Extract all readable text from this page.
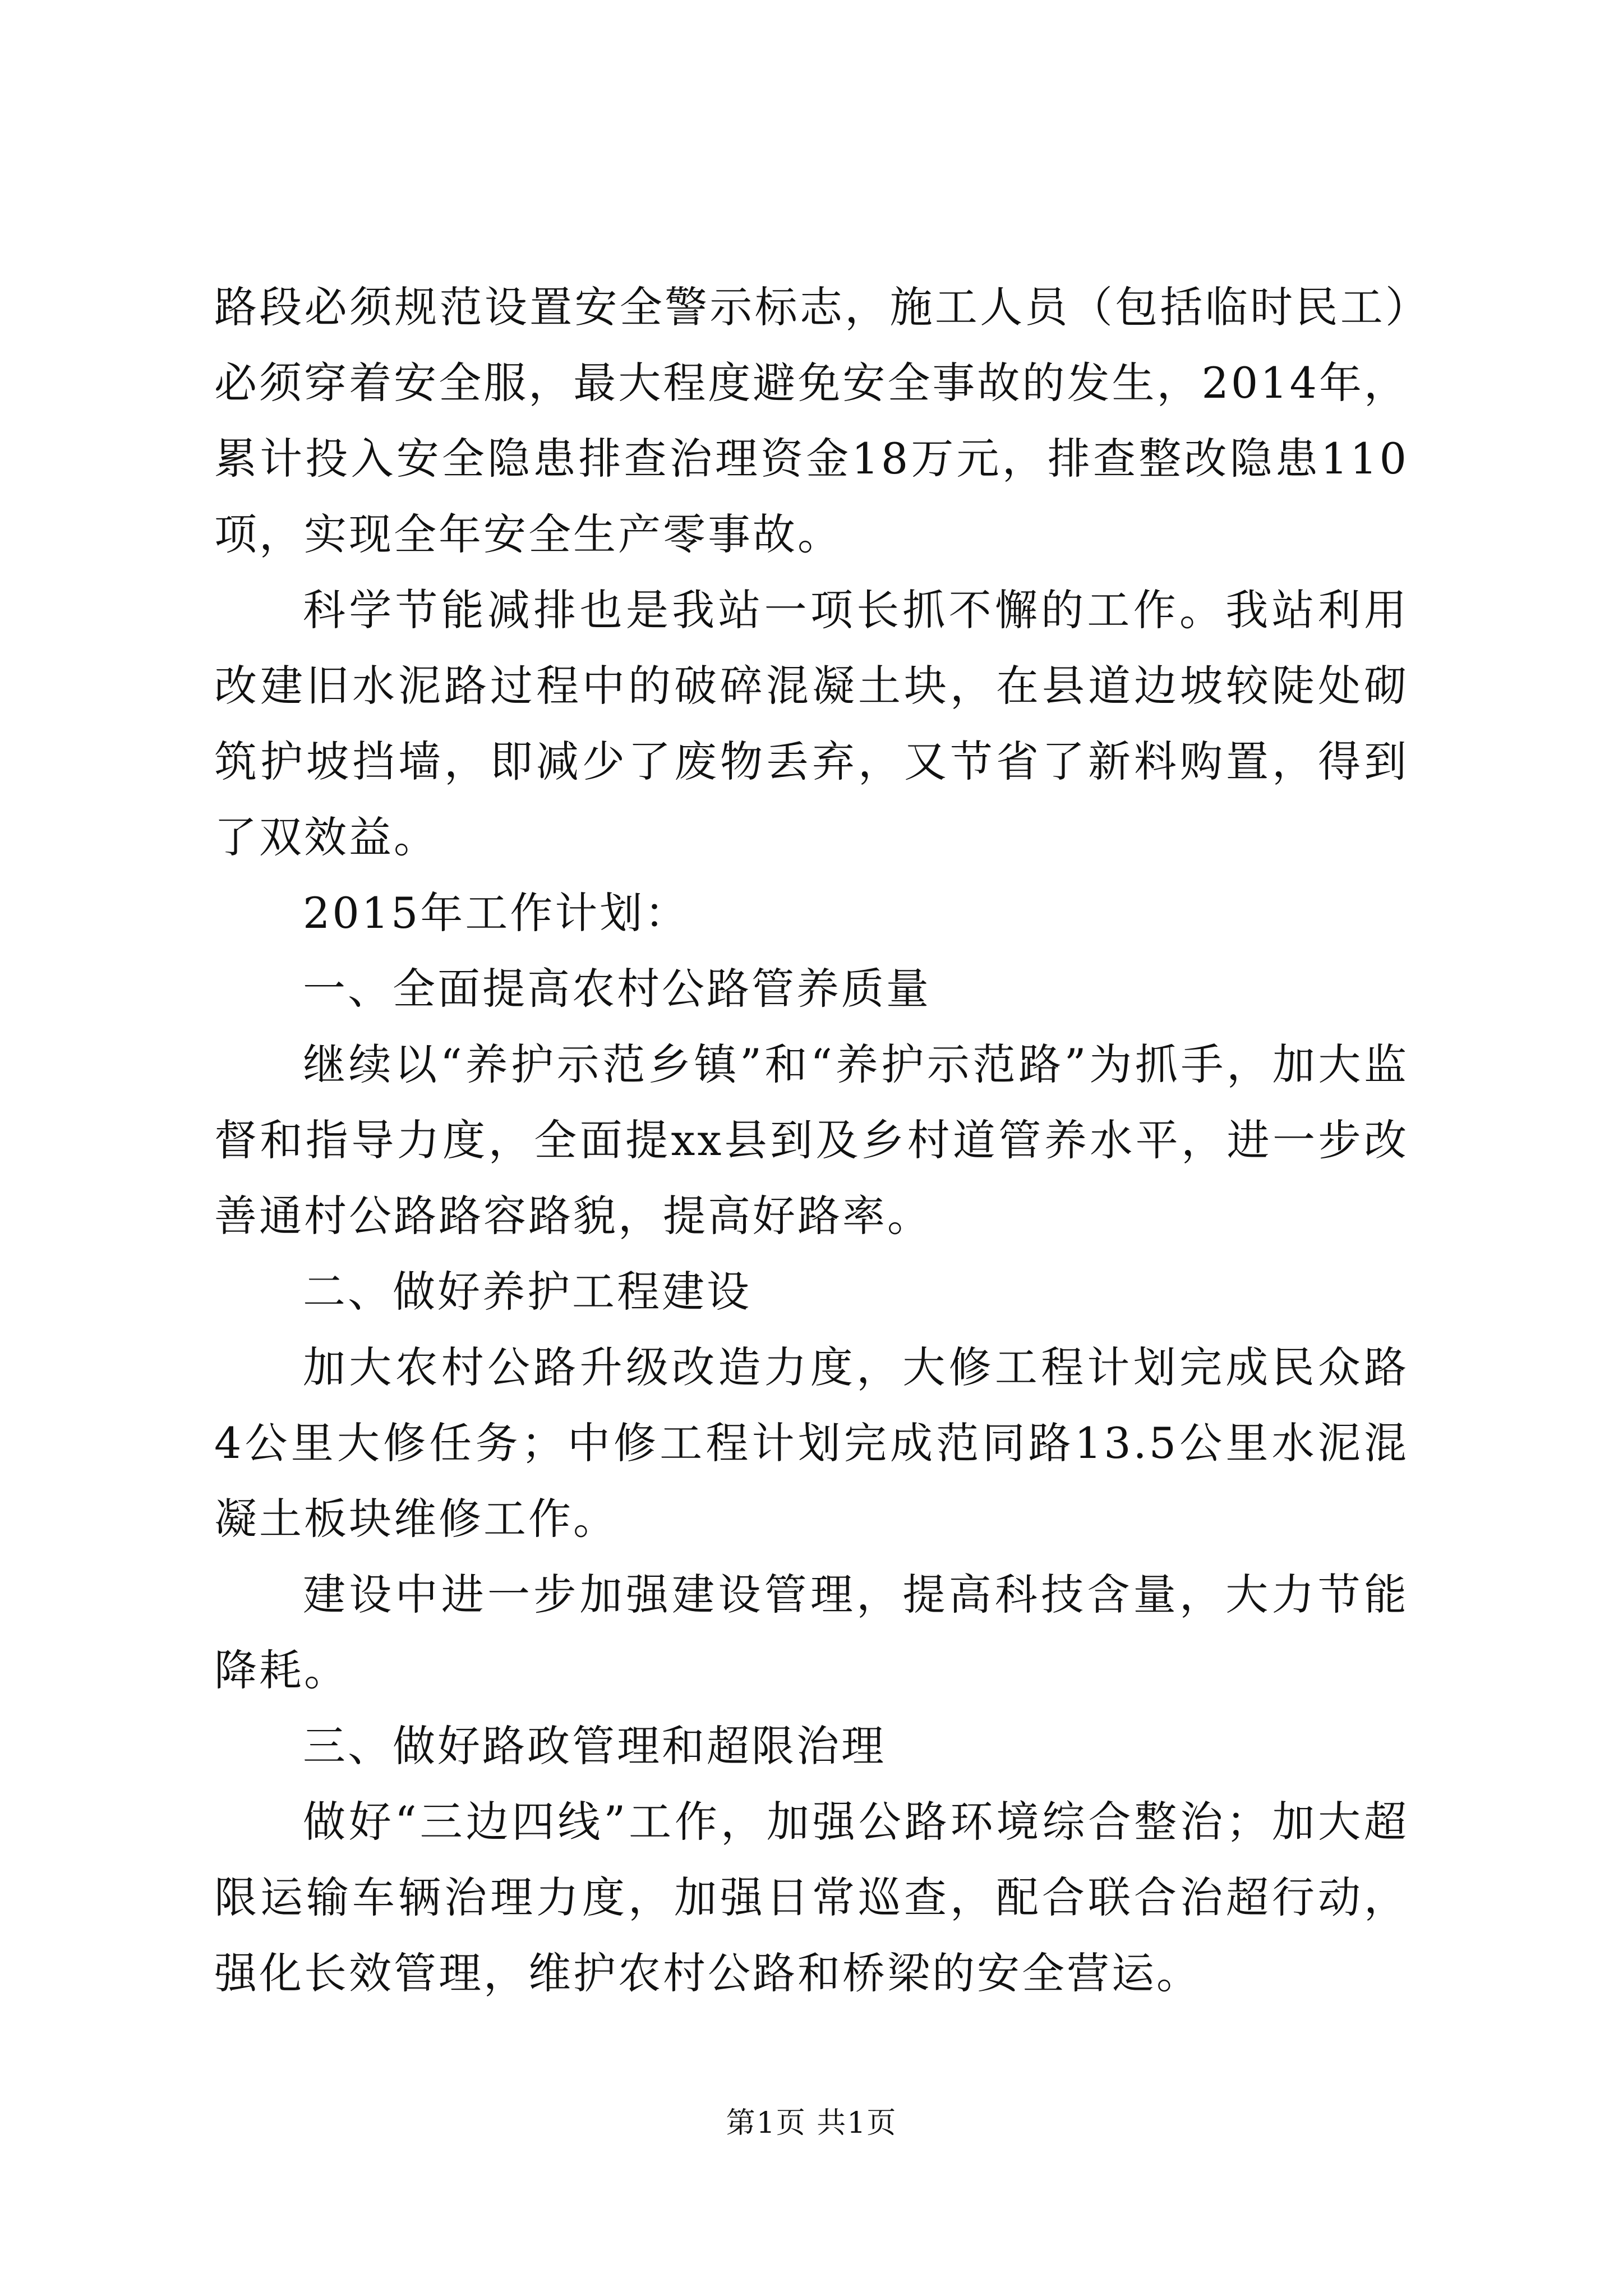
路段必须规范设置安全警示标志，施工人员（包括临时民工）必须穿着安全服，最大程度避免安全事故的发生，2014年，累计投入安全隐患排查治理资金18万元，排查整改隐患110项，实现全年安全生产零事故。

科学节能减排也是我站一项长抓不懈的工作。我站利用改建旧水泥路过程中的破碎混凝土块，在县道边坡较陡处砌筑护坡挡墙，即减少了废物丢弃，又节省了新料购置，得到了双效益。

2015年工作计划：

一、全面提高农村公路管养质量

继续以“养护示范乡镇”和“养护示范路”为抓手，加大监督和指导力度，全面提xx县到及乡村道管养水平，进一步改善通村公路路容路貌，提高好路率。

二、做好养护工程建设

加大农村公路升级改造力度，大修工程计划完成民众路4公里大修任务；中修工程计划完成范同路13.5公里水泥混凝土板块维修工作。

建设中进一步加强建设管理，提高科技含量，大力节能降耗。

三、做好路政管理和超限治理

做好“三边四线”工作，加强公路环境综合整治；加大超限运输车辆治理力度，加强日常巡查，配合联合治超行动，强化长效管理，维护农村公路和桥梁的安全营运。

第1页 共1页
